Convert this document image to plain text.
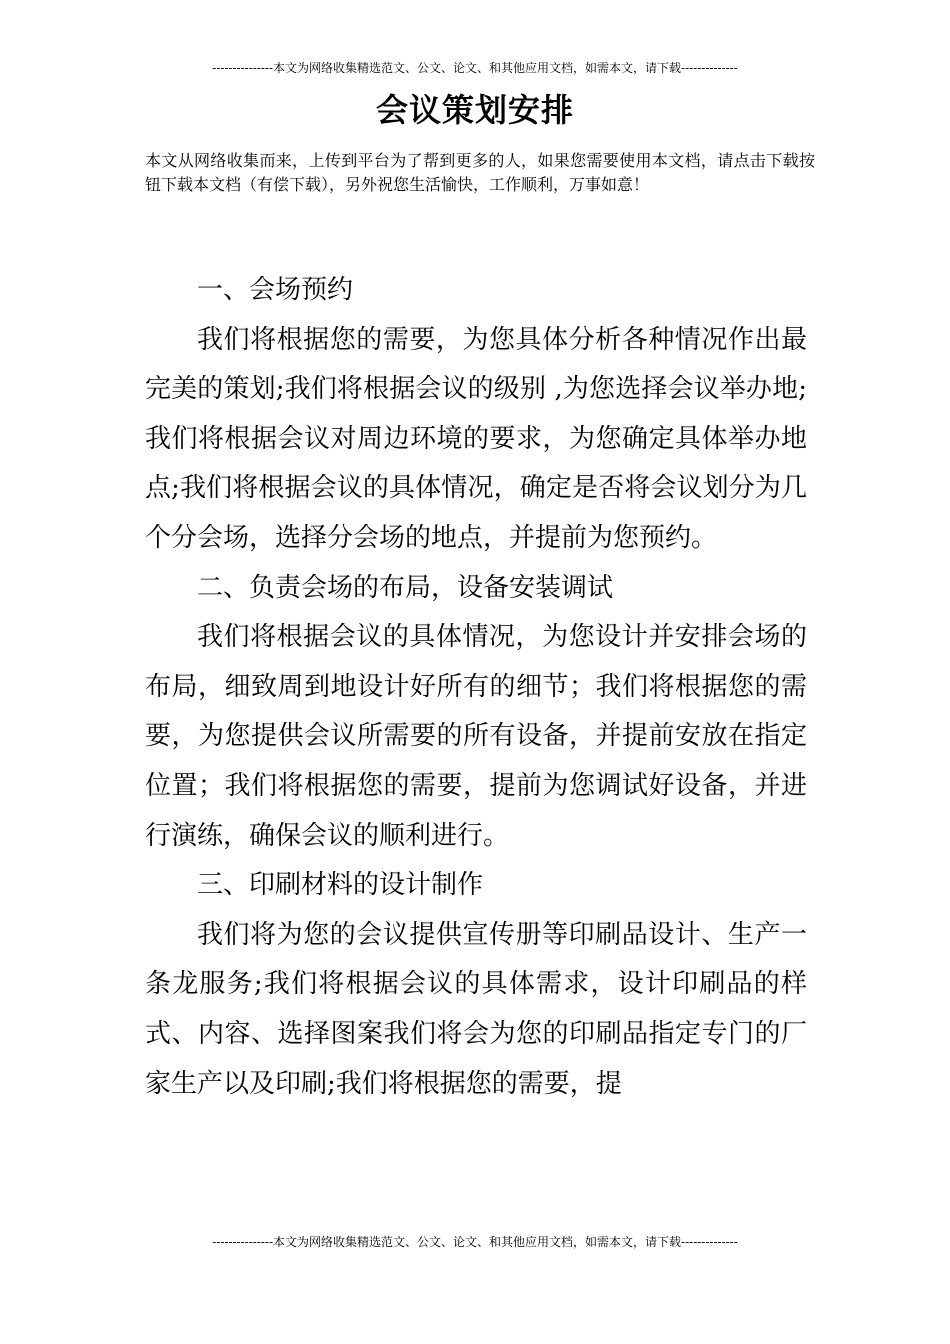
---------------本文为网络收集精选范文、公文、论文、和其他应用文档，如需本文，请下载--------------
会议策划安排
本文从网络收集而来，上传到平台为了帮到更多的人，如果您需要使用本文档，请点击下载按钮下载本文档（有偿下载），另外祝您生活愉快，工作顺利，万事如意！

一、会场预约

我们将根据您的需要，为您具体分析各种情况作出最完美的策划;我们将根据会议的级别 ,为您选择会议举办地;我们将根据会议对周边环境的要求，为您确定具体举办地点;我们将根据会议的具体情况，确定是否将会议划分为几个分会场，选择分会场的地点，并提前为您预约。

二、负责会场的布局，设备安装调试

我们将根据会议的具体情况，为您设计并安排会场的布局，细致周到地设计好所有的细节；我们将根据您的需要，为您提供会议所需要的所有设备，并提前安放在指定位置；我们将根据您的需要，提前为您调试好设备，并进行演练，确保会议的顺利进行。

三、印刷材料的设计制作

我们将为您的会议提供宣传册等印刷品设计、生产一条龙服务;我们将根据会议的具体需求，设计印刷品的样式、内容、选择图案我们将会为您的印刷品指定专门的厂家生产以及印刷;我们将根据您的需要，提

---------------本文为网络收集精选范文、公文、论文、和其他应用文档，如需本文，请下载--------------
